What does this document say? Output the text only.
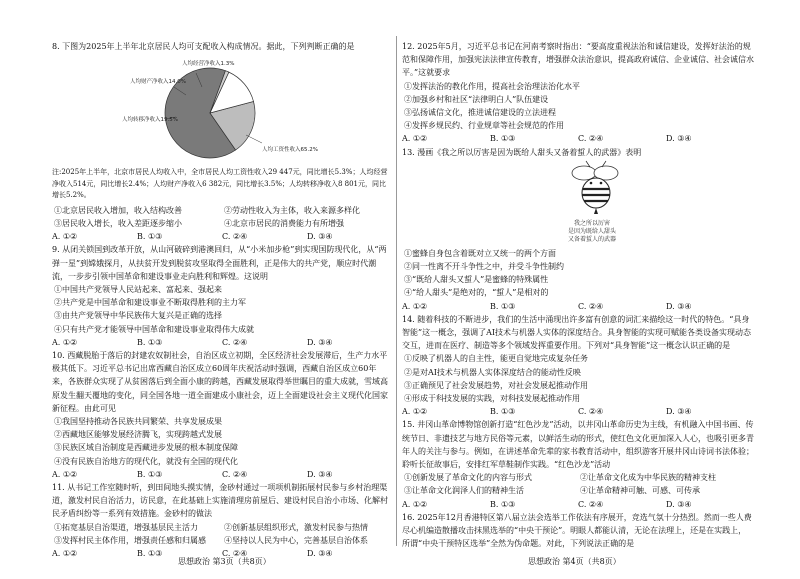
8. 下图为2025年上半年北京居民人均可支配收入构成情况。据此，下列判断正确的是

人均经营净收入1.3%
人均财产净收入14.0%
人均转移净收入19.5%
人均工资性收入65.2%

注:2025年上半年，北京市居民人均收入中，全市居民人均工资性收入29 447元，同比增长5.3%；人均经营净收入514元，同比增长2.4%；人均财产净收入6 382元，同比增长3.5%；人均转移净收入8 801元，同比增长5.2%。

①北京居民收入增加，收入结构改善	②劳动性收入为主体，收入来源多样化
③居民收入增长，收入差距逐步缩小	④北京市居民的消费能力有所增强
A. ①②	B. ①③	C. ②④	D. ③④

9. 从闭关锁国到改革开放，从山河破碎到港澳回归，从“小米加步枪”到实现国防现代化，从“两弹一星”到嫦娥探月，从扶贫开发到脱贫攻坚取得全面胜利，正是伟大的共产党，顺应时代潮流，一步步引领中国革命和建设事业走向胜利和辉煌。这说明

①中国共产党领导人民站起来、富起来、强起来

②共产党是中国革命和建设事业不断取得胜利的主力军

③由共产党领导中华民族伟大复兴是正确的选择

④只有共产党才能领导中国革命和建设事业取得伟大成就

A. ①②	B. ①③	C. ②④	D. ③④

10. 西藏脱胎于落后的封建农奴制社会，自治区成立初期，全区经济社会发展滞后，生产力水平极其低下。习近平总书记出席西藏自治区成立60周年庆祝活动时强调，西藏自治区成立60年来，各族群众实现了从贫困落后到全面小康的跨越，西藏发展取得举世瞩目的重大成就，雪域高原发生翻天覆地的变化，同全国各地一道全面建成小康社会，迈上全面建设社会主义现代化国家新征程。由此可见

①我国坚持推动各民族共同繁荣、共享发展成果

②西藏地区能够发展经济腾飞，实现跨越式发展

③民族区域自治制度是西藏进步发展的根本制度保障

④没有民族自治地方的现代化，就没有全国的现代化

A. ①②	B. ①③	C. ②④	D. ③④

11. 从书记工作室随时听，到田间地头摸实情，金砂村通过一项项机制拓展村民参与乡村治理渠道，激发村民自治活力，访民意，在此基础上实施清理房前屋后、建设村民自治小市场、化解村民矛盾纠纷等一系列有效措施。金砂村的做法

①拓宽基层自治渠道，增强基层民主活力	②创新基层组织形式，激发村民参与热情
③发挥村民主体作用，增强责任感和归属感	④坚持以人民为中心，完善基层自治体系
A. ①②	B. ①③	C. ②④	D. ③④

12. 2025年5月，习近平总书记在河南考察时指出：“要高度重视法治和诚信建设，发挥好法治的规范和保障作用，加强宪法法律宣传教育，增强群众法治意识，提高政府诚信、企业诚信、社会诚信水平。”这就要求

①发挥法治的教化作用，提高社会治理法治化水平

②加强乡村和社区“法律明白人”队伍建设

③弘扬诚信文化，推进诚信建设的立法进程

④发挥乡规民约、行业规章等社会规范的作用

A. ①②	B. ①③	C. ②④	D. ③④

13. 漫画《我之所以厉害是因为既给人甜头又备着蜇人的武器》表明

我之所以厉害
是因为既给人甜头
又备着蜇人的武器

①蜜蜂自身包含着既对立又统一的两个方面

②同一性离不开斗争性之中，并受斗争性制约

③“既给人甜头又蜇人”是蜜蜂的特殊属性

④“给人甜头”是绝对的，“蜇人”是相对的

A. ①②	B. ①③	C. ②④	D. ③④

14. 随着科技的不断进步，我们的生活中涌现出许多富有创意的词汇来描绘这一时代的特色。“具身智能”这一概念，强调了AI技术与机器人实体的深度结合。具身智能的实现可赋能各类设备实现动态交互，进而在医疗、制造等多个领域发挥重要作用。下列对“具身智能”这一概念认识正确的是

①反映了机器人的自主性，能更自觉地完成复杂任务

②是对AI技术与机器人实体深度结合的能动性反映

③正确预见了社会发展趋势，对社会发展起推动作用

④形成于科技发展的实践，对科技发展起推动作用

A. ①②	B. ①③	C. ②④	D. ③④

15. 井冈山革命博物馆创新打造“红色沙龙”活动，以井冈山革命历史为主线，有机融入中国书画、传统节日、非遗技艺与地方民俗等元素，以鲜活生动的形式，使红色文化更加深入人心，也吸引更多青年人的关注与参与。例如，在讲述革命先辈的家书教育活动中，组织游客开展井冈山诗词书法体验；聆听长征故事后，安排红军草鞋制作实践。“红色沙龙”活动

①创新发展了革命文化的内容与形式	②让革命文化成为中华民族的精神支柱
③让革命文化润泽人们的精神生活	④让革命精神可触、可感、可传承
A. ①②	B. ①③	C. ②④	D. ③④

16. 2025年12月香港特区第八届立法会选举工作依法有序展开，竞选气氛十分热烈。然而一些人费尽心机编造散播攻击抹黑选举的“中央干预论”。明眼人都能认清，无论在法理上，还是在实践上，所谓“中央干预特区选举”全然为伪命题。对此，下列说法正确的是

思想政治 第3页（共8页）	思想政治 第4页（共8页）
